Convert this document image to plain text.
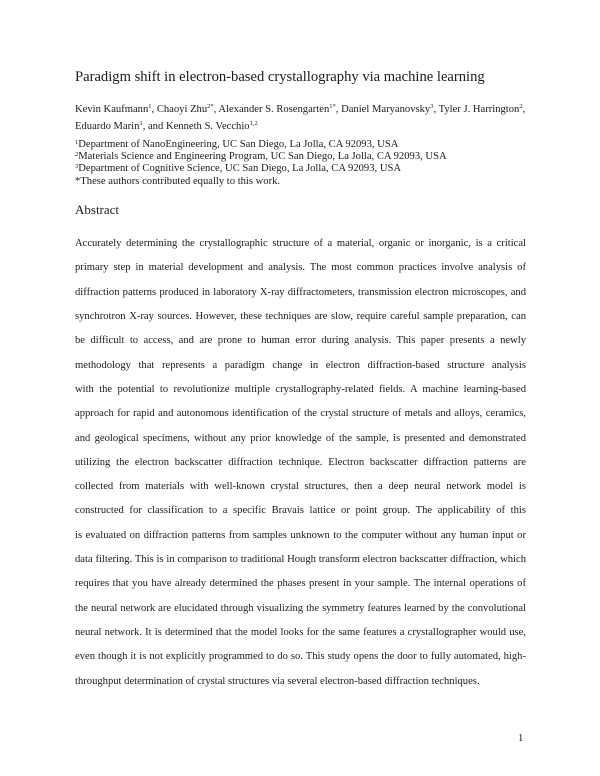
Paradigm shift in electron-based crystallography via machine learning
Kevin Kaufmann$^1$, Chaoyi Zhu$^{2*}$, Alexander S. Rosengarten$^{1*}$, Daniel Maryanovsky$^3$, Tyler J. Harrington$^2$,
Eduardo Marin$^1$, and Kenneth S. Vecchio$^{1,2}$
$^1$Department of NanoEngineering, UC San Diego, La Jolla, CA 92093, USA
$^2$Materials Science and Engineering Program, UC San Diego, La Jolla, CA 92093, USA
$^3$Department of Cognitive Science, UC San Diego, La Jolla, CA 92093, USA
*These authors contributed equally to this work.
Abstract
Accurately determining the crystallographic structure of a material, organic or inorganic, is a critical
primary step in material development and analysis. The most common practices involve analysis of
diffraction patterns produced in laboratory X-ray diffractometers, transmission electron microscopes, and
synchrotron X-ray sources. However, these techniques are slow, require careful sample preparation, can
be difficult to access, and are prone to human error during analysis. This paper presents a newly
methodology that represents a paradigm change in electron diffraction-based structure analysis
with the potential to revolutionize multiple crystallography-related fields. A machine learning-based
approach for rapid and autonomous identification of the crystal structure of metals and alloys, ceramics,
and geological specimens, without any prior knowledge of the sample, is presented and demonstrated
utilizing the electron backscatter diffraction technique. Electron backscatter diffraction patterns are
collected from materials with well-known crystal structures, then a deep neural network model is
constructed for classification to a specific Bravais lattice or point group. The applicability of this
is evaluated on diffraction patterns from samples unknown to the computer without any human input or
data filtering. This is in comparison to traditional Hough transform electron backscatter diffraction, which
requires that you have already determined the phases present in your sample. The internal operations of
the neural network are elucidated through visualizing the symmetry features learned by the convolutional
neural network. It is determined that the model looks for the same features a crystallographer would use,
even though it is not explicitly programmed to do so. This study opens the door to fully automated, high-
throughput determination of crystal structures via several electron-based diffraction techniques.
1
